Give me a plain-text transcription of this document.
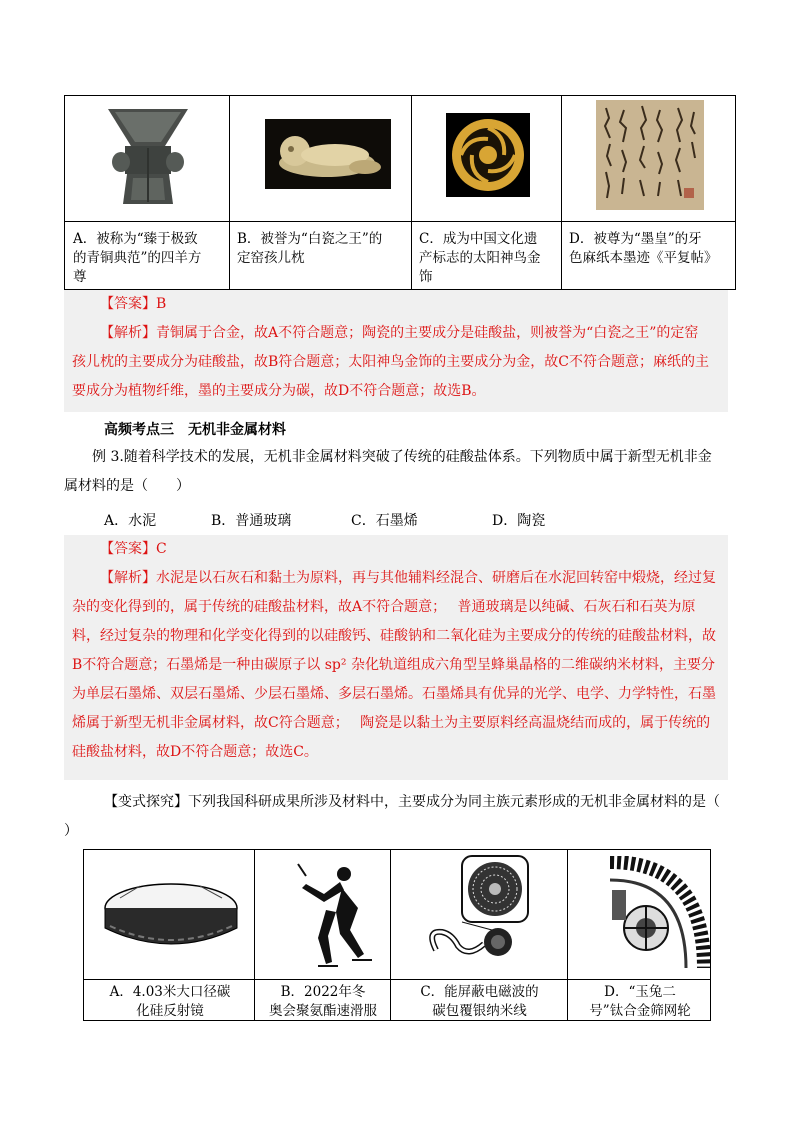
A．被称为“臻于极致
的青铜典范”的四羊方
尊
B．被誉为“白瓷之王”的
定窑孩儿枕
C．成为中国文化遗
产标志的太阳神鸟金
饰
D．被尊为“墨皇”的牙
色麻纸本墨迹《平复帖》
【答案】B
【解析】青铜属于合金，故A不符合题意；陶瓷的主要成分是硅酸盐，则被誉为“白瓷之王”的定窑
孩儿枕的主要成分为硅酸盐，故B符合题意；太阳神鸟金饰的主要成分为金，故C不符合题意；麻纸的主
要成分为植物纤维，墨的主要成分为碳，故D不符合题意；故选B。
高频考点三　无机非金属材料
例 3.随着科学技术的发展，无机非金属材料突破了传统的硅酸盐体系。下列物质中属于新型无机非金
属材料的是（　　）
A．水泥	B．普通玻璃	C．石墨烯	D．陶瓷
【答案】C
【解析】水泥是以石灰石和黏土为原料，再与其他辅料经混合、研磨后在水泥回转窑中煅烧，经过复
杂的变化得到的，属于传统的硅酸盐材料，故A不符合题意；　 普通玻璃是以纯碱、石灰石和石英为原
料，经过复杂的物理和化学变化得到的以硅酸钙、硅酸钠和二氧化硅为主要成分的传统的硅酸盐材料，故
B不符合题意；石墨烯是一种由碳原子以 sp² 杂化轨道组成六角型呈蜂巢晶格的二维碳纳米材料，主要分
为单层石墨烯、双层石墨烯、少层石墨烯、多层石墨烯。石墨烯具有优异的光学、电学、力学特性，石墨
烯属于新型无机非金属材料，故C符合题意；　 陶瓷是以黏土为主要原料经高温烧结而成的，属于传统的
硅酸盐材料，故D不符合题意；故选C。
【变式探究】下列我国科研成果所涉及材料中，主要成分为同主族元素形成的无机非金属材料的是（
）
A．4.03米大口径碳
化硅反射镜
B．2022年冬
奥会聚氨酯速滑服
C．能屏蔽电磁波的
碳包覆银纳米线
D．“玉兔二
号”钛合金筛网轮
